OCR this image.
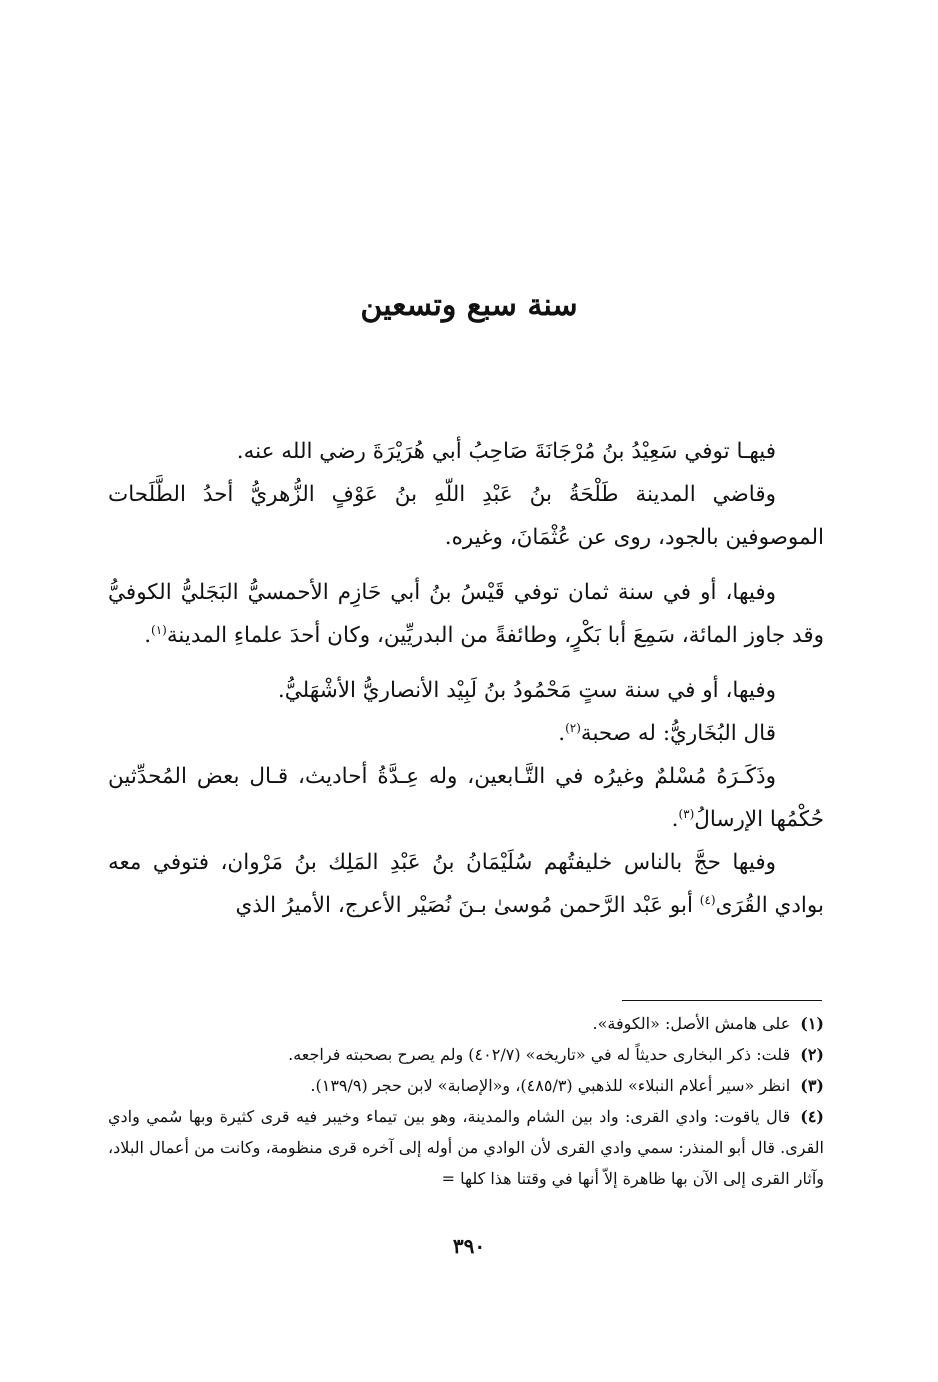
سنة سبع وتسعين

فيهـا توفي سَعِيْدُ بنُ مُرْجَانَةَ صَاحِبُ أبي هُرَيْرَةَ رضي الله عنه.

وقاضي المدينة طَلْحَةُ بنُ عَبْدِ اللّهِ بنُ عَوْفٍ الزُّهريُّ أحدُ الطَّلَحات الموصوفين بالجود، روى عن عُثْمَانَ، وغيره.

وفيها، أو في سنة ثمان توفي قَيْسُ بنُ أبي حَازِم الأحمسيُّ البَجَليُّ الكوفيُّ وقد جاوز المائة، سَمِعَ أبا بَكْرٍ، وطائفةً من البدريِّين، وكان أحدَ علماءِ المدينة$^{(١)}$.

وفيها، أو في سنة ستٍ مَحْمُودُ بنُ لَبِيْد الأنصاريُّ الأشْهَليُّ.

قال البُخَاريُّ: له صحبة$^{(٢)}$.

وذَكَـرَهُ مُسْلمٌ وغيرُه في التَّـابعين، وله عِـدَّةُ أحاديث، قـال بعض المُحدِّثين حُكْمُها الإرسالُ$^{(٣)}$.

وفيها حجَّ بالناس خليفتُهم سُلَيْمَانُ بنُ عَبْدِ المَلِك بنُ مَرْوان، فتوفي معه بوادي القُرَى$^{(٤)}$ أبو عَبْد الرَّحمن مُوسىٰ بـنَ نُصَيْر الأعرج، الأميرُ الذي

(١)على هامش الأصل: «الكوفة».

(٢)قلت: ذكر البخارى حديثاً له في «تاريخه» (٤٠٢/٧) ولم يصرح بصحبته فراجعه.

(٣)انظر «سير أعلام النبلاء» للذهبي (٤٨٥/٣)، و«الإصابة» لابن حجر (١٣٩/٩).

(٤)قال ياقوت: وادي القرى: واد بين الشام والمدينة، وهو بين تيماء وخيبر فيه قرى كثيرة وبها سُمي وادي القرى. قال أبو المنذر: سمي وادي القرى لأن الوادي من أوله إلى آخره قرى منظومة، وكانت من أعمال البلاد، وآثار القرى إلى الآن بها ظاهرة إلاّ أنها في وقتنا هذا كلها =

٣٩٠
